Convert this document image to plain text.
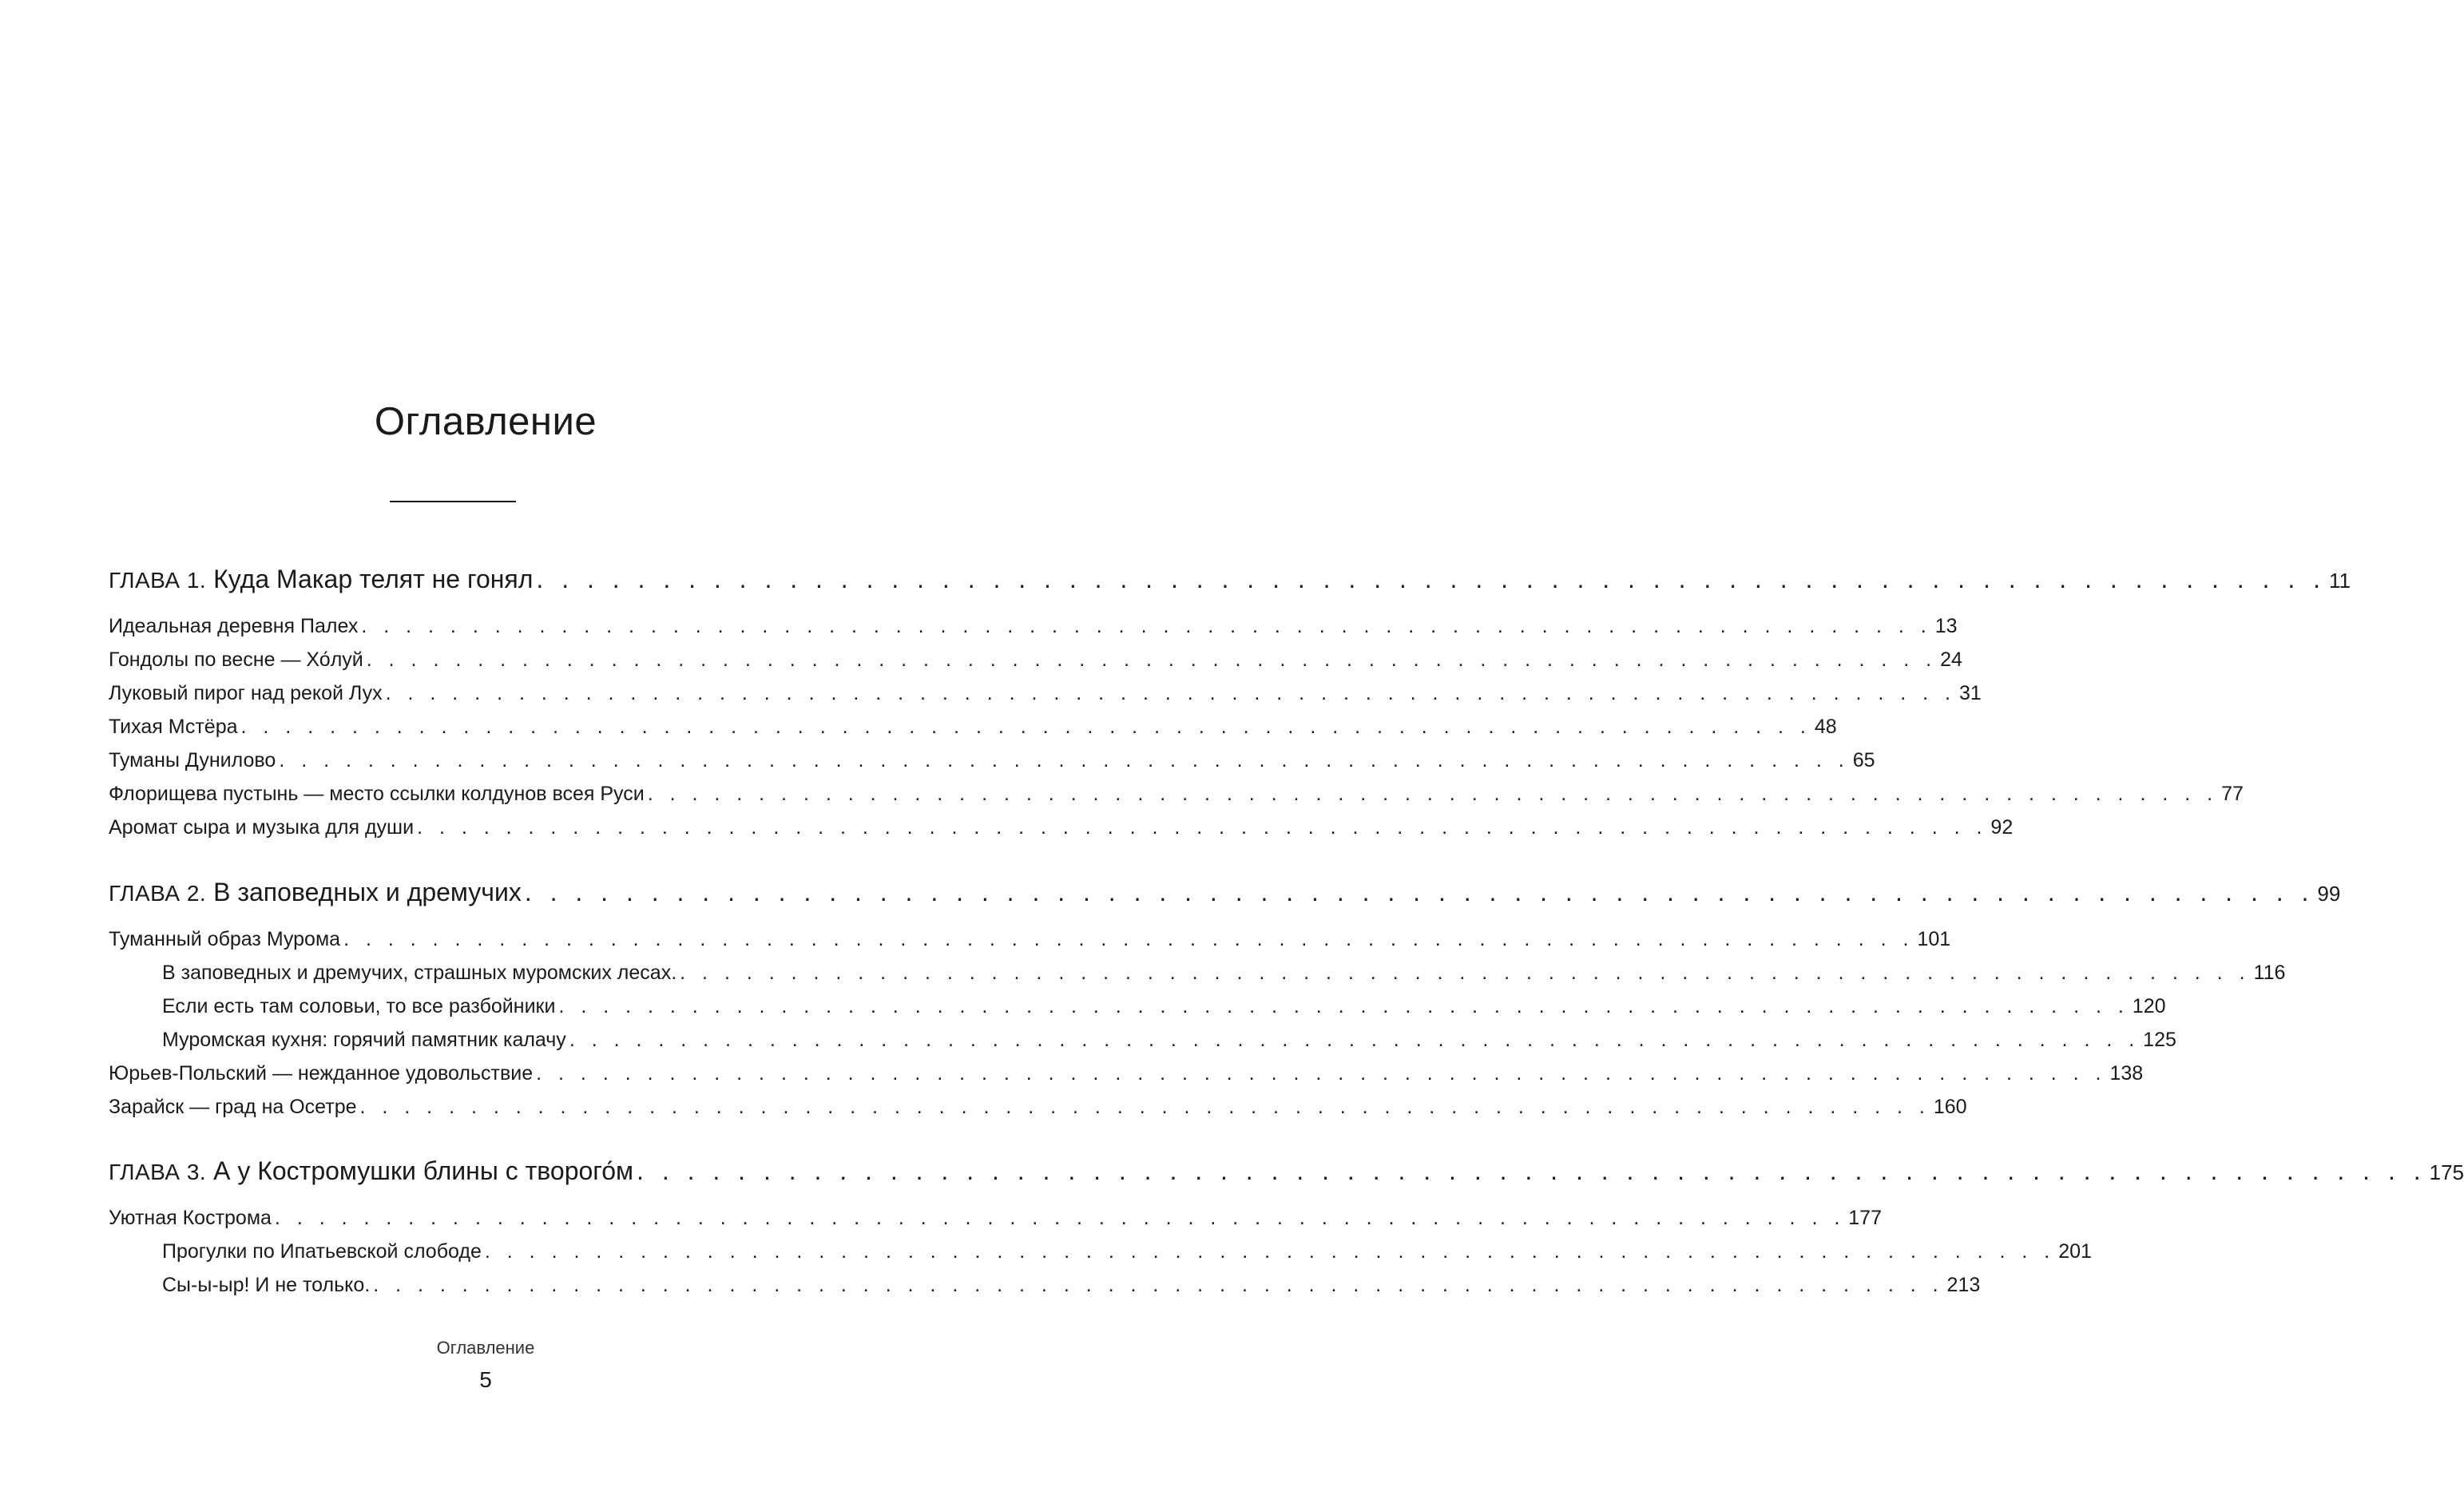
Оглавление
ГЛАВА 1. Куда Макар телят не гонял . . . . . . . . . . . . . . . . . . . . . . . . . . . . . . . . . . . . . . . . . . . . . . . . . . . . . . . . . . . . . . . . . . . . . . . 11
Идеальная деревня Палех . . . . . . . . . . . . . . . . . . . . . . . . . . . . . . . . . . . . . . . . . . . . . . . . . . . . . . . . . . . . . . . . . . . . . . . 13
Гондолы по весне — Хо́луй . . . . . . . . . . . . . . . . . . . . . . . . . . . . . . . . . . . . . . . . . . . . . . . . . . . . . . . . . . . . . . . . . . . . . . . 24
Луковый пирог над рекой Лух . . . . . . . . . . . . . . . . . . . . . . . . . . . . . . . . . . . . . . . . . . . . . . . . . . . . . . . . . . . . . . . . . . . . . . . 31
Тихая Мстёра . . . . . . . . . . . . . . . . . . . . . . . . . . . . . . . . . . . . . . . . . . . . . . . . . . . . . . . . . . . . . . . . . . . . . . . 48
Туманы Дунилово . . . . . . . . . . . . . . . . . . . . . . . . . . . . . . . . . . . . . . . . . . . . . . . . . . . . . . . . . . . . . . . . . . . . . . . 65
Флорищева пустынь — место ссылки колдунов всея Руси . . . . . . . . . . . . . . . . . . . . . . . . . . . . . . . . . . . . . . . . . . . . . . . . . . . . . . . . . . . . . . . . . . . . . . . 77
Аромат сыра и музыка для души . . . . . . . . . . . . . . . . . . . . . . . . . . . . . . . . . . . . . . . . . . . . . . . . . . . . . . . . . . . . . . . . . . . . . . . 92
ГЛАВА 2. В заповедных и дремучих . . . . . . . . . . . . . . . . . . . . . . . . . . . . . . . . . . . . . . . . . . . . . . . . . . . . . . . . . . . . . . . . . . . . . . . 99
Туманный образ Мурома . . . . . . . . . . . . . . . . . . . . . . . . . . . . . . . . . . . . . . . . . . . . . . . . . . . . . . . . . . . . . . . . . . . . . . . 101
В заповедных и дремучих, страшных муромских лесах. . . . . . . . . . . . . . . . . . . . . . . . . . . . . . . . . . . . . . . . . . . . . . . . . . . . . . . . . . . . . . . . . . . . . . . . 116
Если есть там соловьи, то все разбойники . . . . . . . . . . . . . . . . . . . . . . . . . . . . . . . . . . . . . . . . . . . . . . . . . . . . . . . . . . . . . . . . . . . . . . . 120
Муромская кухня: горячий памятник калачу . . . . . . . . . . . . . . . . . . . . . . . . . . . . . . . . . . . . . . . . . . . . . . . . . . . . . . . . . . . . . . . . . . . . . . . 125
Юрьев-Польский — нежданное удовольствие . . . . . . . . . . . . . . . . . . . . . . . . . . . . . . . . . . . . . . . . . . . . . . . . . . . . . . . . . . . . . . . . . . . . . . . 138
Зарайск — град на Осетре . . . . . . . . . . . . . . . . . . . . . . . . . . . . . . . . . . . . . . . . . . . . . . . . . . . . . . . . . . . . . . . . . . . . . . . 160
ГЛАВА 3. А у Костромушки блины с творого́м . . . . . . . . . . . . . . . . . . . . . . . . . . . . . . . . . . . . . . . . . . . . . . . . . . . . . . . . . . . . . . . . . . . . . . . 175
Уютная Кострома . . . . . . . . . . . . . . . . . . . . . . . . . . . . . . . . . . . . . . . . . . . . . . . . . . . . . . . . . . . . . . . . . . . . . . . 177
Прогулки по Ипатьевской слободе . . . . . . . . . . . . . . . . . . . . . . . . . . . . . . . . . . . . . . . . . . . . . . . . . . . . . . . . . . . . . . . . . . . . . . . 201
Сы-ы-ыр! И не только. . . . . . . . . . . . . . . . . . . . . . . . . . . . . . . . . . . . . . . . . . . . . . . . . . . . . . . . . . . . . . . . . . . . . . . . 213
Оглавление
5
